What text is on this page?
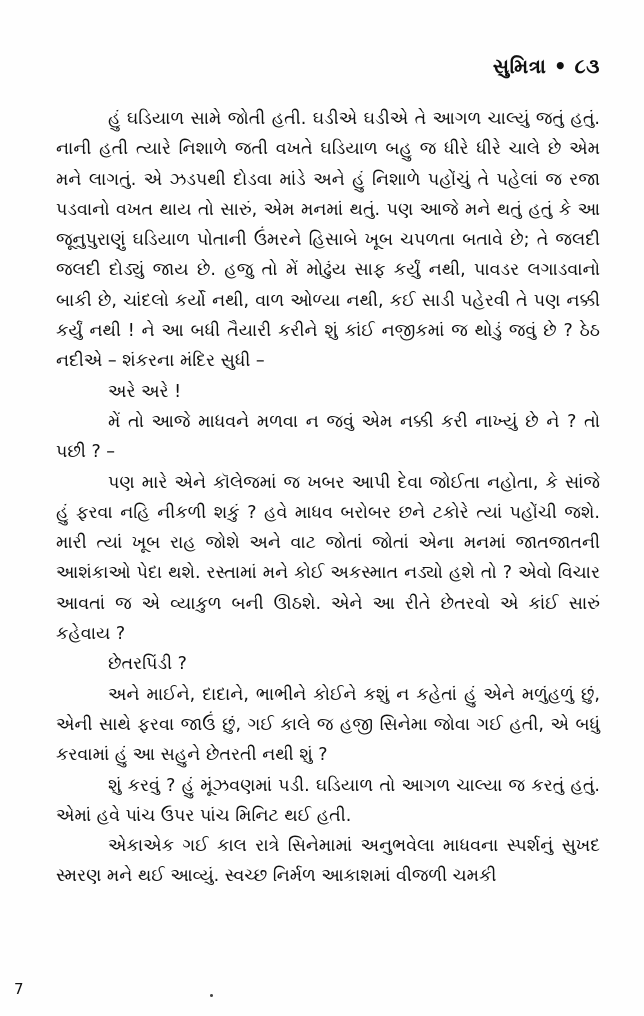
સુમિત્રા • ૮૩

હું ઘડિયાળ સામે જોતી હતી. ઘડીએ ઘડીએ તે આગળ ચાલ્યું જતું હતું. નાની હતી ત્યારે નિશાળે જતી વખતે ઘડિયાળ બહુ જ ધીરે ધીરે ચાલે છે એમ મને લાગતું. એ ઝડપથી દોડવા માંડે અને હું નિશાળે પહોંચું તે પહેલાં જ રજા પડવાનો વખત થાય તો સારું, એમ મનમાં થતું. પણ આજે મને થતું હતું કે આ જૂનુપુરાણું ઘડિયાળ પોતાની ઉંમરને હિસાબે ખૂબ ચપળતા બતાવે છે; તે જલદી જલદી દોડ્યું જાય છે. હજુ તો મેં મોઢુંય સાફ કર્યું નથી, પાવડર લગાડવાનો બાકી છે, ચાંદલો કર્યો નથી, વાળ ઓળ્યા નથી, કઈ સાડી પહેરવી તે પણ નક્કી કર્યું નથી ! ને આ બધી તૈયારી કરીને શું કાંઈ નજીકમાં જ થોડું જવું છે ? ઠેઠ નદીએ – શંકરના મંદિર સુધી –

અરે અરે !

મેં તો આજે માધવને મળવા ન જવું એમ નક્કી કરી નાખ્યું છે ને ? તો પછી ? –

પણ મારે એને કૉલેજમાં જ ખબર આપી દેવા જોઈતા નહોતા, કે સાંજે હું ફરવા નહિ નીકળી શકું ? હવે માધવ બરોબર છને ટકોરે ત્યાં પહોંચી જશે. મારી ત્યાં ખૂબ રાહ જોશે અને વાટ જોતાં જોતાં એના મનમાં જાતજાતની આશંકાઓ પેદા થશે. રસ્તામાં મને કોઈ અકસ્માત નડ્યો હશે તો ? એવો વિચાર આવતાં જ એ વ્યાકુળ બની ઊઠશે. એને આ રીતે છેતરવો એ કાંઈ સારું કહેવાય ?

છેતરપિંડી ?

અને માઈને, દાદાને, ભાભીને કોઈને કશું ન કહેતાં હું એને મળુંહળું છું, એની સાથે ફરવા જાઉં છું, ગઈ કાલે જ હજી સિનેમા જોવા ગઈ હતી, એ બધું કરવામાં હું આ સહુને છેતરતી નથી શું ?

શું કરવું ? હું મૂંઝવણમાં પડી. ઘડિયાળ તો આગળ ચાલ્યા જ કરતું હતું. એમાં હવે પાંચ ઉપર પાંચ મિનિટ થઈ હતી.

એકાએક ગઈ કાલ રાત્રે સિનેમામાં અનુભવેલા માધવના સ્પર્શનું સુખદ સ્મરણ મને થઈ આવ્યું. સ્વચ્છ નિર્મળ આકાશમાં વીજળી ચમકી

7
